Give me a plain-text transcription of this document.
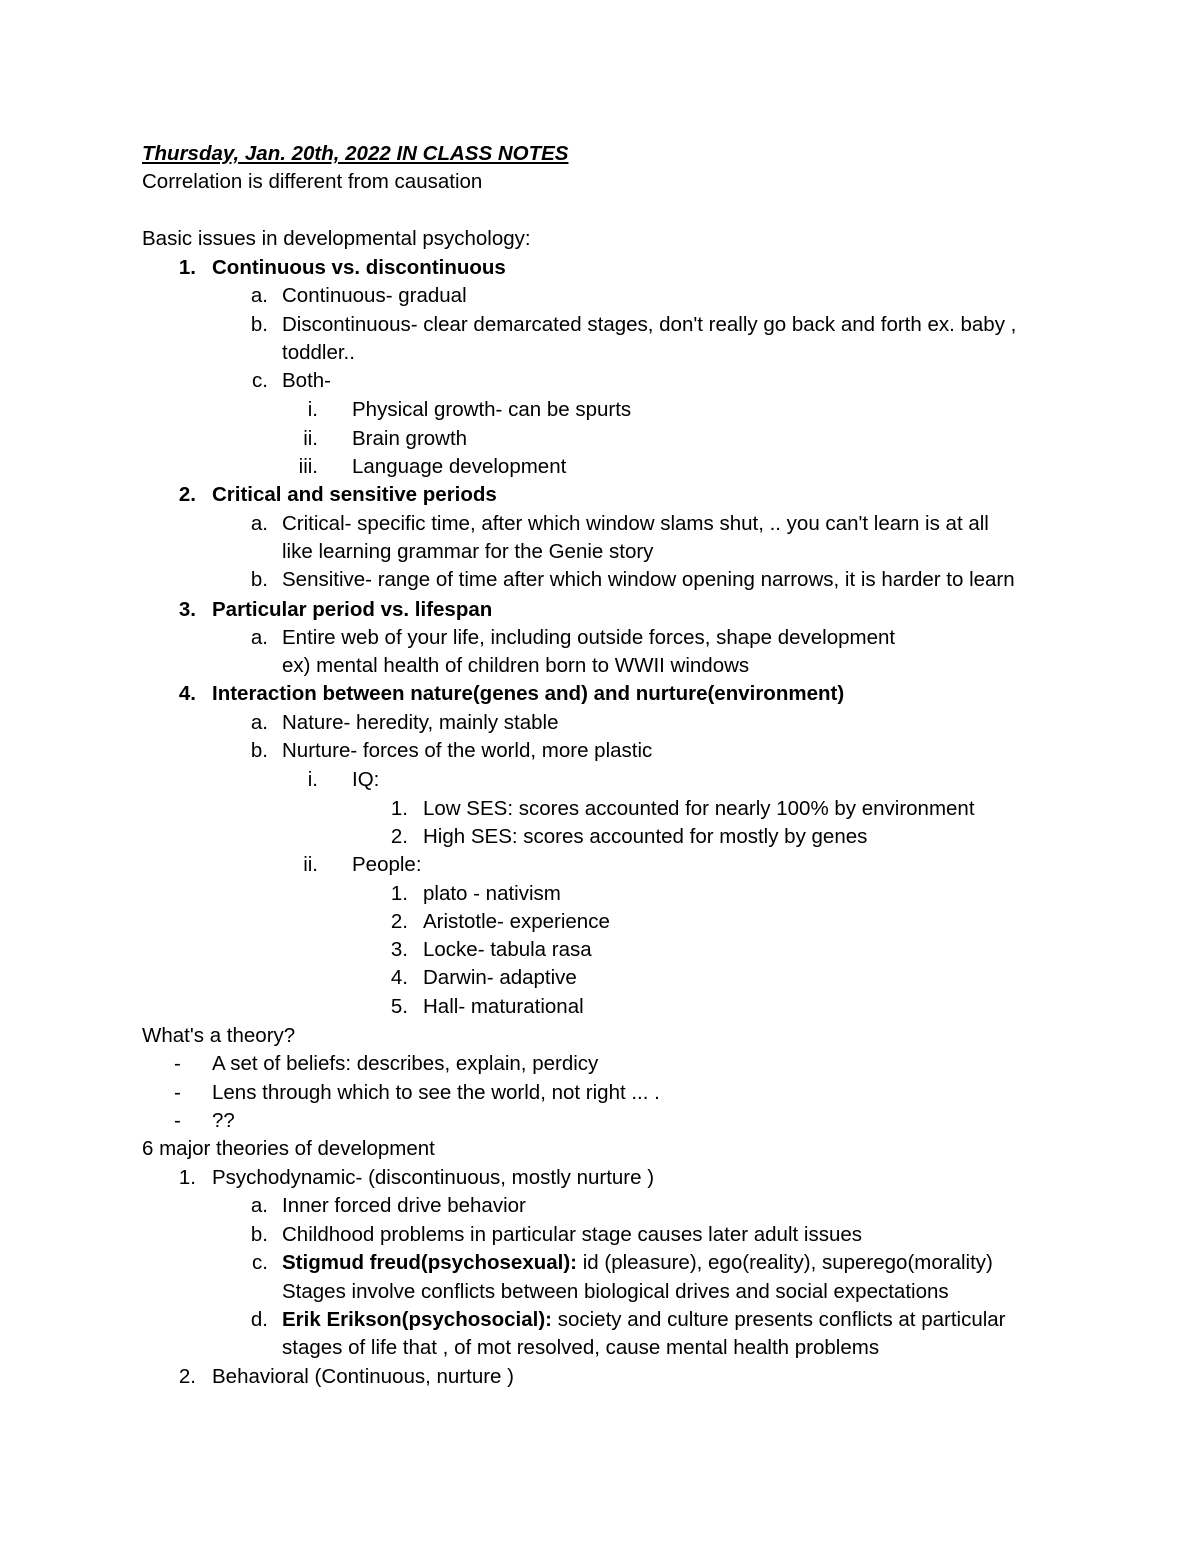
Thursday, Jan. 20th, 2022 IN CLASS NOTES
Correlation is different from causation
Basic issues in developmental psychology:
1. Continuous vs. discontinuous
a. Continuous- gradual
b. Discontinuous- clear demarcated stages, don't really go back and forth ex. baby ,
toddler..
c. Both-
i. Physical growth- can be spurts
ii. Brain growth
iii. Language development
2. Critical and sensitive periods
a. Critical- specific time, after which window slams shut, .. you can't learn is at all
like learning grammar for the Genie story
b. Sensitive- range of time after which window opening narrows, it is harder to learn
3. Particular period vs. lifespan
a. Entire web of your life, including outside forces, shape development
ex) mental health of children born to WWII windows
4. Interaction between nature(genes and) and nurture(environment)
a. Nature- heredity, mainly stable
b. Nurture- forces of the world, more plastic
i. IQ:
1. Low SES: scores accounted for nearly 100% by environment
2. High SES: scores accounted for mostly by genes
ii. People:
1. plato - nativism
2. Aristotle- experience
3. Locke- tabula rasa
4. Darwin- adaptive
5. Hall- maturational
What's a theory?
- A set of beliefs: describes, explain, perdicy
- Lens through which to see the world, not right ... .
- ??
6 major theories of development
1. Psychodynamic- (discontinuous, mostly nurture )
a. Inner forced drive behavior
b. Childhood problems in particular stage causes later adult issues
c. Stigmud freud(psychosexual): id (pleasure), ego(reality), superego(morality)
Stages involve conflicts between biological drives and social expectations
d. Erik Erikson(psychosocial): society and culture presents conflicts at particular
stages of life that , of mot resolved, cause mental health problems
2. Behavioral (Continuous, nurture )
